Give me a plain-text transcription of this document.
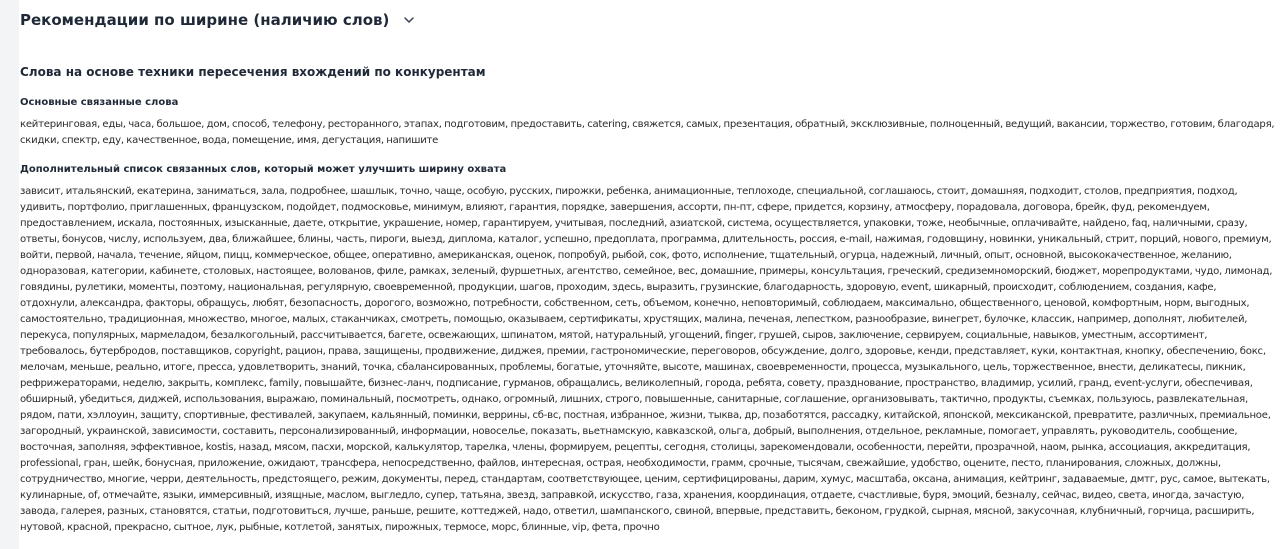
Рекомендации по ширине (наличию слов)
Слова на основе техники пересечения вхождений по конкурентам
Основные связанные слова

кейтеринговая, еды, часа, большое, дом, способ, телефону, ресторанного, этапах, подготовим, предоставить, catering, свяжется, самых, презентация, обратный, эксклюзивные, полноценный, ведущий, вакансии, торжество, готовим, благодаря, скидки, спектр, еду, качественное, вода, помещение, имя, дегустация, напишите

Дополнительный список связанных слов, который может улучшить ширину охвата

зависит, итальянский, екатерина, заниматься, зала, подробнее, шашлык, точно, чаще, особую, русских, пирожки, ребенка, анимационные, теплоходе, специальной, соглашаюсь, стоит, домашняя, подходит, столов, предприятия, подход, удивить, портфолио, приглашенных, французском, подойдет, подмосковье, минимум, влияют, гарантия, порядке, завершения, ассорти, пн-пт, сфере, придется, корзину, атмосферу, порадовала, договора, брейк, фуд, рекомендуем, предоставлением, искала, постоянных, изысканные, даете, открытие, украшение, номер, гарантируем, учитывая, последний, азиатской, система, осуществляется, упаковки, тоже, необычные, оплачивайте, найдено, faq, наличными, сразу, ответы, бонусов, числу, используем, два, ближайшее, блины, часть, пироги, выезд, диплома, каталог, успешно, предоплата, программа, длительность, россия, e-mail, нажимая, годовщину, новинки, уникальный, стрит, порций, нового, премиум, войти, первой, начала, течение, яйцом, пицц, коммерческое, общее, оперативно, американская, оценок, попробуй, рыбой, сок, фото, исполнение, тщательный, огурца, надежный, личный, опыт, основной, высококачественное, желанию, одноразовая, категории, кабинете, столовых, настоящее, волованов, филе, рамках, зеленый, фуршетных, агентство, семейное, вес, домашние, примеры, консультация, греческий, средиземноморский, бюджет, морепродуктами, чудо, лимонад, говядины, рулетики, моменты, поэтому, национальная, регулярную, своевременной, продукции, шагов, проходим, здесь, выразить, грузинские, благодарность, здоровую, event, шикарный, происходит, соблюдением, создания, кафе, отдохнули, александра, факторы, обращусь, любят, безопасность, дорогого, возможно, потребности, собственном, сеть, объемом, конечно, неповторимый, соблюдаем, максимально, общественного, ценовой, комфортным, норм, выгодных, самостоятельно, традиционная, множество, многое, малых, стаканчиках, смотреть, помощью, оказываем, сертификаты, хрустящих, малина, печеная, лепестком, разнообразие, винегрет, булочке, классик, например, дополнят, любителей, перекуса, популярных, мармеладом, безалкогольный, рассчитывается, багете, освежающих, шпинатом, мятой, натуральный, угощений, finger, грушей, сыров, заключение, сервируем, социальные, навыков, уместным, ассортимент, требовалось, бутербродов, поставщиков, copyright, рацион, права, защищены, продвижение, диджея, премии, гастрономические, переговоров, обсуждение, долго, здоровье, кенди, представляет, куки, контактная, кнопку, обеспечению, бокс, мелочам, меньше, реально, итоге, пресса, удовлетворить, знаний, точка, сбалансированных, проблемы, богатые, уточняйте, высоте, машинах, своевременности, процесса, музыкального, цель, торжественное, внести, деликатесы, пикник, рефрижераторами, неделю, закрыть, комплекс, family, повышайте, бизнес-ланч, подписание, гурманов, обращались, великолепный, города, ребята, совету, празднование, пространство, владимир, усилий, гранд, event-услуги, обеспечивая, обширный, убедиться, диджей, использования, выражаю, поминальный, посмотреть, однако, огромный, лишних, строго, повышенные, санитарные, соглашение, организовывать, тактично, продукты, съемках, пользуюсь, развлекательная, рядом, пати, хэллоуин, защиту, спортивные, фестивалей, закупаем, кальянный, поминки, веррины, сб-вс, постная, избранное, жизни, тыква, др, позаботятся, рассадку, китайской, японской, мексиканской, превратите, различных, премиальное, загородный, украинской, зависимости, составить, персонализированный, информации, новоселье, показать, вьетнамскую, кавказской, ольга, добрый, выполнения, отдельное, рекламные, помогает, управлять, руководитель, сообщение, восточная, заполняя, эффективное, kostis, назад, мясом, пасхи, морской, калькулятор, тарелка, члены, формируем, рецепты, сегодня, столицы, зарекомендовали, особенности, перейти, прозрачной, наом, рынка, ассоциация, аккредитация, professional, гран, шейк, бонусная, приложение, ожидают, трансфера, непосредственно, файлов, интересная, острая, необходимости, грамм, срочные, тысячам, свежайшие, удобство, оцените, песто, планирования, сложных, должны, сотрудничество, многие, черри, деятельность, предстоящего, режим, документы, перед, стандартам, соответствующее, ценим, сертифицированы, дарим, хумус, масштаба, оксана, анимация, кейтринг, задаваемые, дмтг, рус, самое, вытекать, кулинарные, of, отмечайте, языки, иммерсивный, изящные, маслом, выгледло, супер, татьяна, звезд, заправкой, искусство, газа, хранения, координация, отдаете, счастливые, буря, эмоций, безналу, сейчас, видео, света, иногда, зачастую, завода, галерея, разных, становятся, статьи, подготовиться, лучше, раньше, решите, коттеджей, надо, ответил, шампанского, свиной, впервые, представить, беконом, грудкой, сырная, мясной, закусочная, клубничный, горчица, расширить, нутовой, красной, прекрасно, сытное, лук, рыбные, котлетой, занятых, пирожных, термосе, морс, блинные, vip, фета, прочно
